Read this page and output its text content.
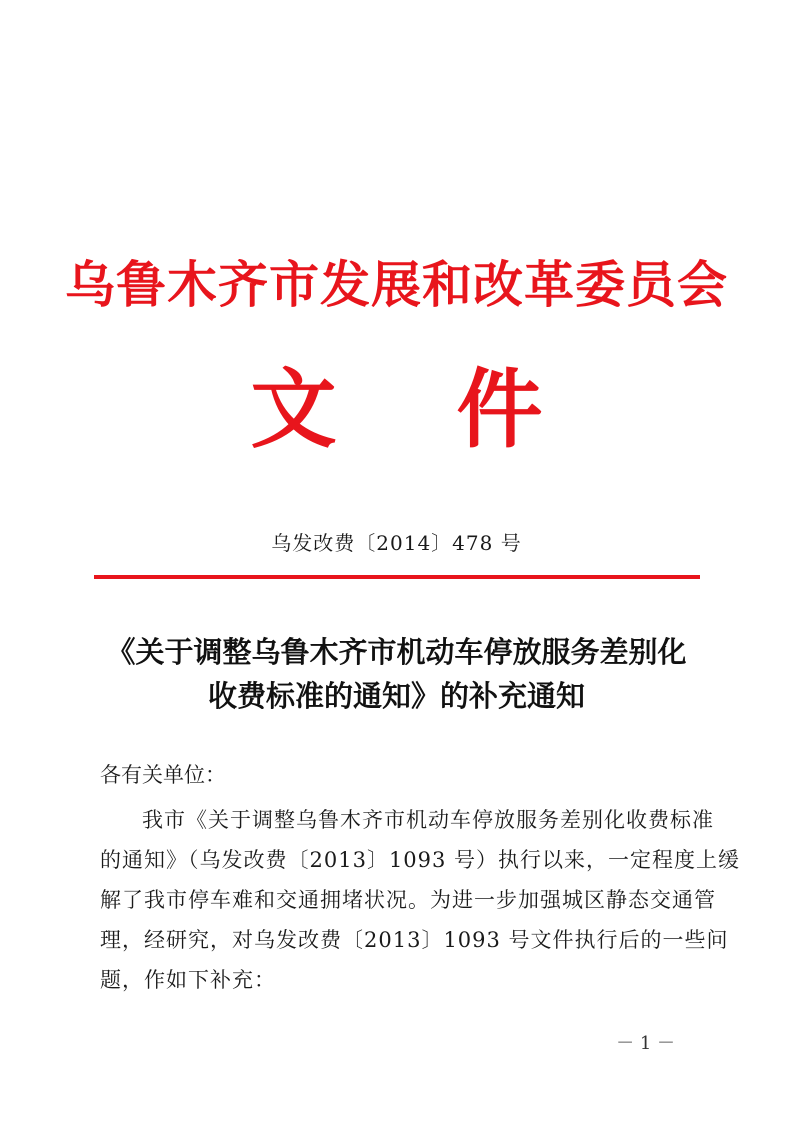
乌鲁木齐市发展和改革委员会
文 件
乌发改费〔2014〕478 号
《关于调整乌鲁木齐市机动车停放服务差别化
收费标准的通知》的补充通知
各有关单位：
我市《关于调整乌鲁木齐市机动车停放服务差别化收费标准
的通知》（乌发改费〔2013〕1093 号）执行以来，一定程度上缓
解了我市停车难和交通拥堵状况。为进一步加强城区静态交通管
理，经研究，对乌发改费〔2013〕1093 号文件执行后的一些问
题，作如下补充：
－ 1 －
